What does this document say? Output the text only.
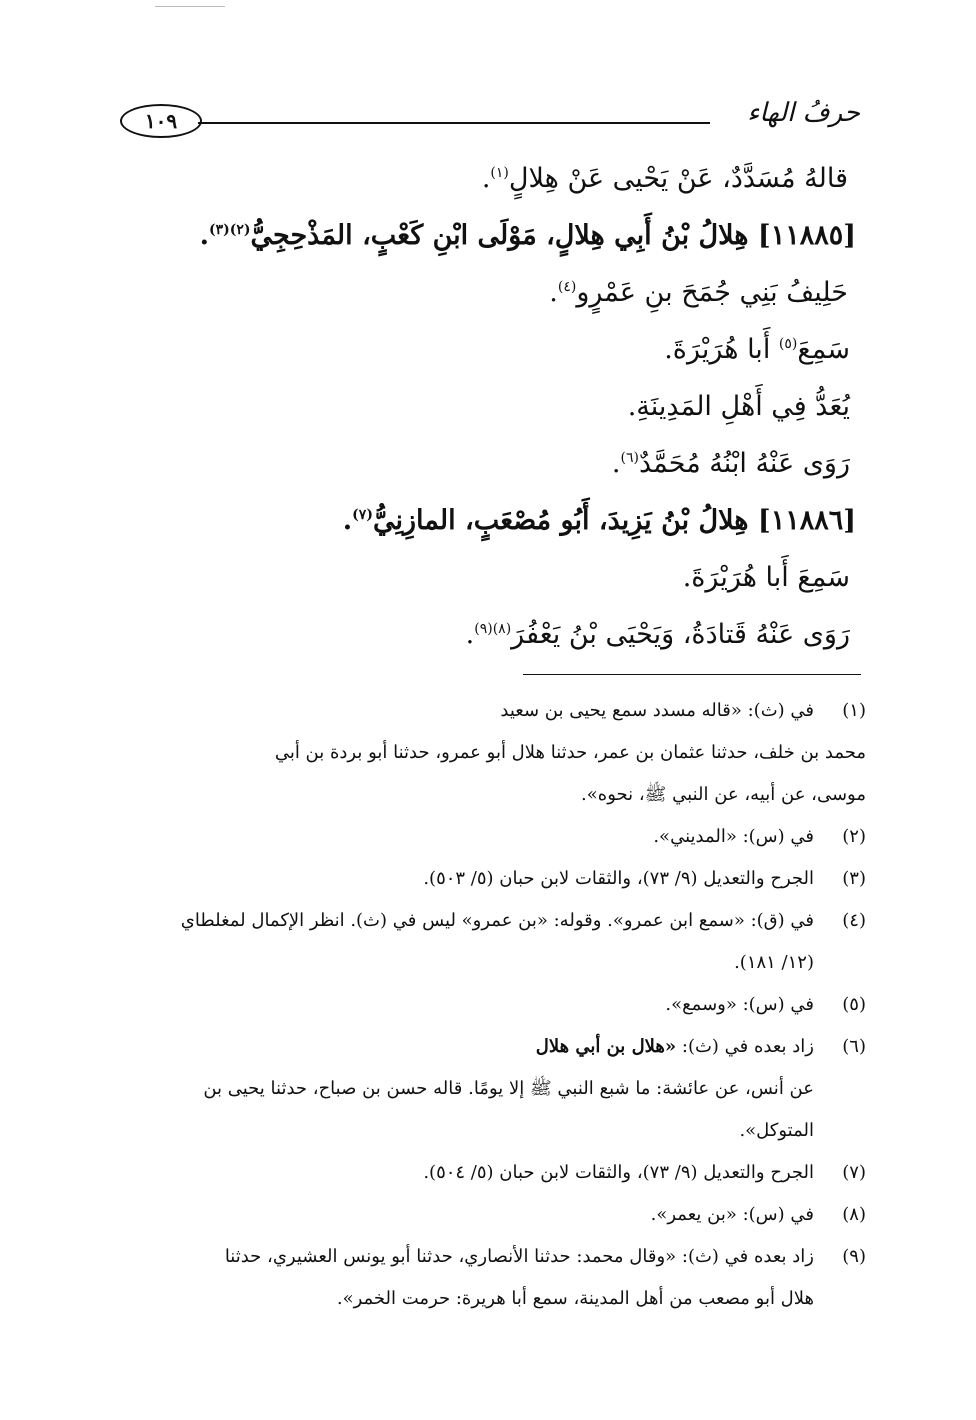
حرفُ الهاء
١٠٩
قالهُ مُسَدَّدٌ، عَنْ يَحْيى عَنْ هِلالٍ$^{(١)}$.
[١١٨٨٥] هِلالُ بْنُ أَبِي هِلالٍ، مَوْلَى ابْنِ كَعْبٍ، المَذْحِجِيُّ$^{(٢)(٣)}$.
حَلِيفُ بَنِي جُمَحَ بنِ عَمْرٍو$^{(٤)}$.
سَمِعَ$^{(٥)}$ أَبا هُرَيْرَةَ.
يُعَدُّ فِي أَهْلِ المَدِينَةِ.
رَوَى عَنْهُ ابْنُهُ مُحَمَّدٌ$^{(٦)}$.
[١١٨٨٦] هِلالُ بْنُ يَزِيدَ، أَبُو مُصْعَبٍ، المازِنِيُّ$^{(٧)}$.
سَمِعَ أَبا هُرَيْرَةَ.
رَوَى عَنْهُ قَتادَةُ، وَيَحْيَى بْنُ يَعْفُرَ$^{(٨)(٩)}$.
(١)
في (ث): «قاله مسدد سمع يحيى بن سعيد
محمد بن خلف، حدثنا عثمان بن عمر، حدثنا هلال أبو عمرو، حدثنا أبو بردة بن أبي
موسى، عن أبيه، عن النبي ﷺ، نحوه».
(٢)
في (س): «المديني».
(٣)
الجرح والتعديل (٩/ ٧٣)، والثقات لابن حبان (٥/ ٥٠٣).
(٤)
في (ق): «سمع ابن عمرو». وقوله: «بن عمرو» ليس في (ث). انظر الإكمال لمغلطاي
(١٢/ ١٨١).
(٥)
في (س): «وسمع».
(٦)
زاد بعده في (ث): «هلال بن أبي هلال
عن أنس، عن عائشة: ما شبع النبي ﷺ إلا يومًا. قاله حسن بن صباح، حدثنا يحيى بن
المتوكل».
(٧)
الجرح والتعديل (٩/ ٧٣)، والثقات لابن حبان (٥/ ٥٠٤).
(٨)
في (س): «بن يعمر».
(٩)
زاد بعده في (ث): «وقال محمد: حدثنا الأنصاري، حدثنا أبو يونس العشيري، حدثنا
هلال أبو مصعب من أهل المدينة، سمع أبا هريرة: حرمت الخمر».
